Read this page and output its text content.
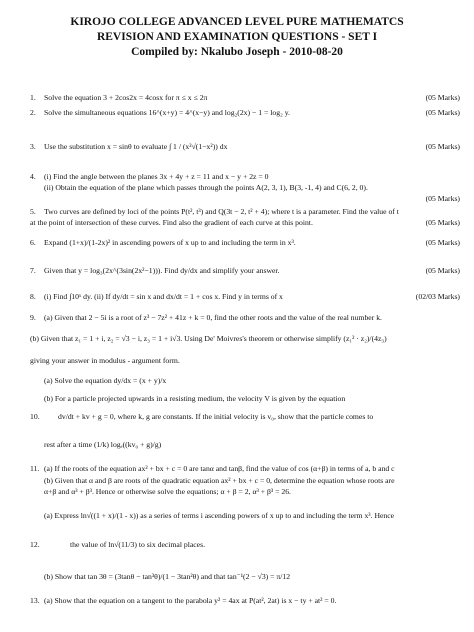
KIROJO COLLEGE ADVANCED LEVEL PURE MATHEMATCS
REVISION AND EXAMINATION QUESTIONS - SET I
Compiled by: Nkalubo Joseph - 2010-08-20
1. Solve the equation 3 + 2cos2x = 4cosx for π ≤ x ≤ 2π	(05 Marks)
2. Solve the simultaneous equations 16^(x+y) = 4^(x−y) and log₂(2x) − 1 = log₂ y.	(05 Marks)
3. Use the substitution x = sinθ to evaluate ∫ 1 / (x²√(1−x²)) dx	(05 Marks)
4. (i) Find the angle between the planes 3x + 4y + z = 11 and x − y + 2z = 0
(ii) Obtain the equation of the plane which passes through the points A(2, 3, 1), B(3, -1, 4) and C(6, 2, 0).
(05 Marks)
5. Two curves are defined by loci of the points P(t², t³) and Q(3t − 2, t² + 4); where t is a parameter. Find the value of t
at the point of intersection of these curves. Find also the gradient of each curve at this point.	(05 Marks)
6. Expand (1+x)/(1-2x)² in ascending powers of x up to and including the term in x³.	(05 Marks)
7. Given that y = log₃(2x^(3sin(2x²−1))). Find dy/dx and simplify your answer.	(05 Marks)
8. (i) Find ∫10ˣ dy. (ii) If dy/dt = sin x and dx/dt = 1 + cos x. Find y in terms of x	(02/03 Marks)
9. (a) Given that 2 − 5i is a root of z³ − 7z² + 41z + k = 0, find the other roots and the value of the real number k.
(b) Given that z₁ = 1 + i, z₂ = √3 − i, z₃ = 1 + i√3. Using De' Moivres's theorem or otherwise simplify (z₁² · z₂)/(4z₃)
giving your answer in modulus - argument form.
(a) Solve the equation dy/dx = (x + y)/x
(b) For a particle projected upwards in a resisting medium, the velocity V is given by the equation
10. dv/dt + kv + g = 0, where k, g are constants. If the initial velocity is v₀, show that the particle comes to
rest after a time (1/k) logₑ((kv₀ + g)/g)
11. (a) If the roots of the equation ax² + bx + c = 0 are tanα and tanβ, find the value of cos (α+β) in terms of a, b and c
(b) Given that α and β are roots of the quadratic equation ax² + bx + c = 0, determine the equation whose roots are
α+β and α³ + β³. Hence or otherwise solve the equations; α + β = 2, α³ + β³ = 26.
(a) Express ln√((1 + x)/(1 - x)) as a series of terms i ascending powers of x up to and including the term x³. Hence
12.	the value of ln√(11/3) to six decimal places.
(b) Show that tan 3θ = (3tanθ − tan³θ)/(1 − 3tan²θ) and that tan⁻¹(2 − √3) = π/12
13. (a) Show that the equation on a tangent to the parabola y² = 4ax at P(at², 2at) is x − ty + at² = 0.
